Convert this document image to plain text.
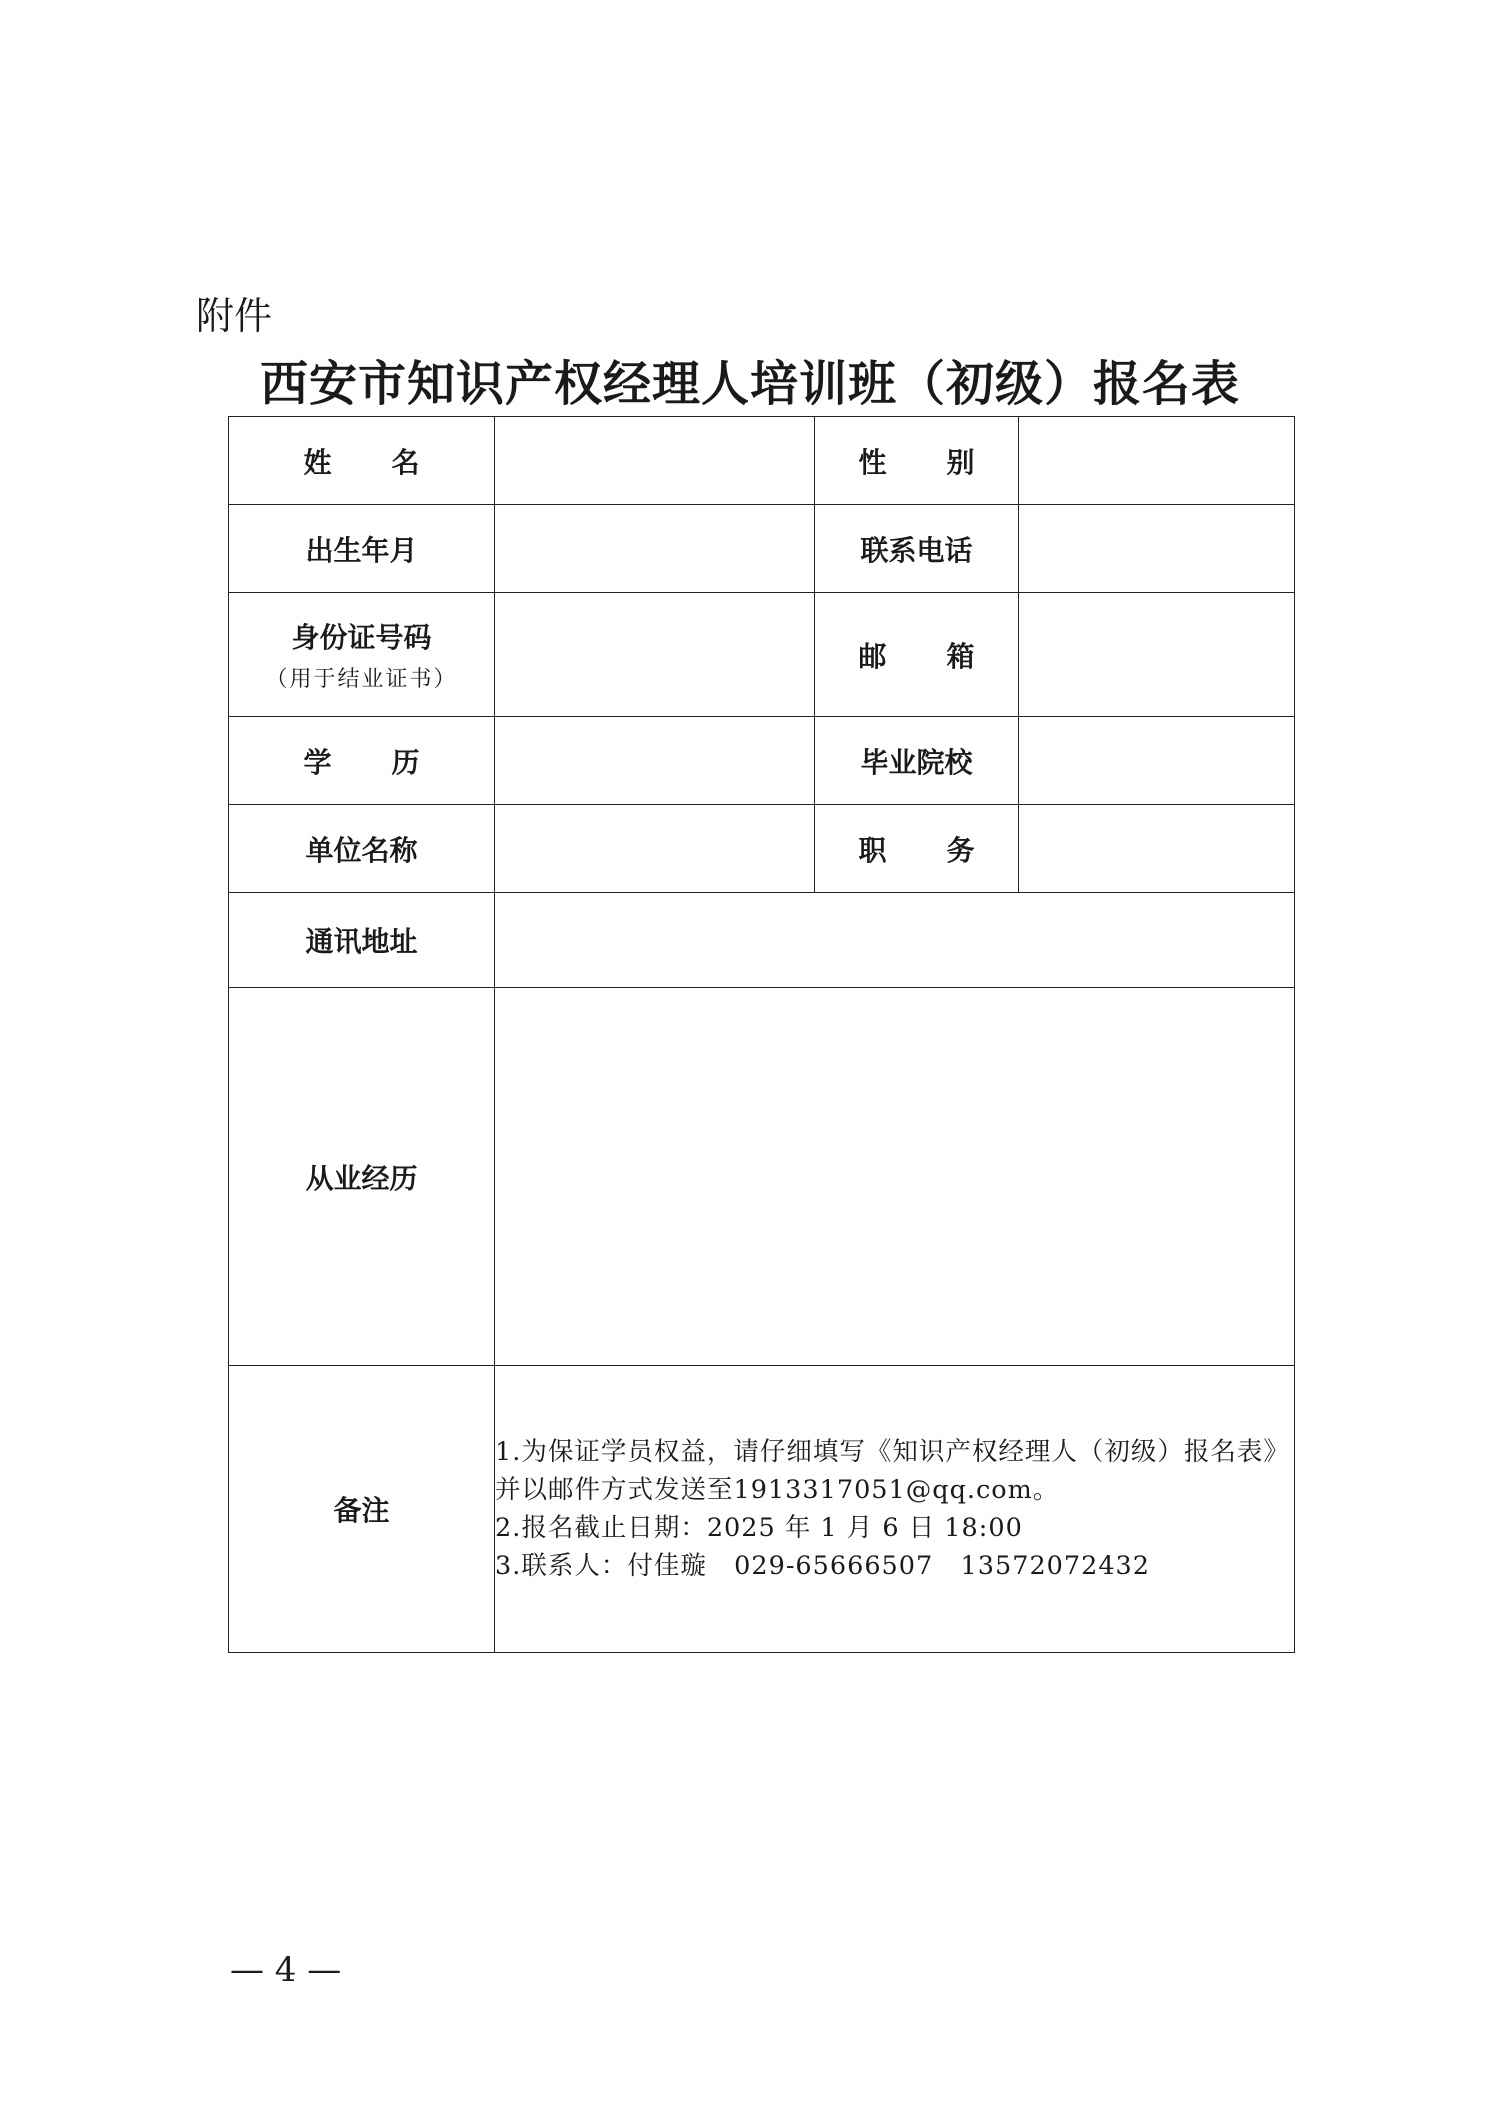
附件
西安市知识产权经理人培训班（初级）报名表
姓名		性别	
出生年月		联系电话	
身份证号码
（用于结业证书）		邮箱	
学历		毕业院校	
单位名称		职务	
通讯地址			
从业经历			
备注	1.为保证学员权益，请仔细填写《知识产权经理人（初级）报名表》并以邮件方式发送至1913317051@qq.com。
2.报名截止日期：2025 年 1 月 6 日 18:00
3.联系人：付佳璇   029-65666507   13572072432		
— 4 —
